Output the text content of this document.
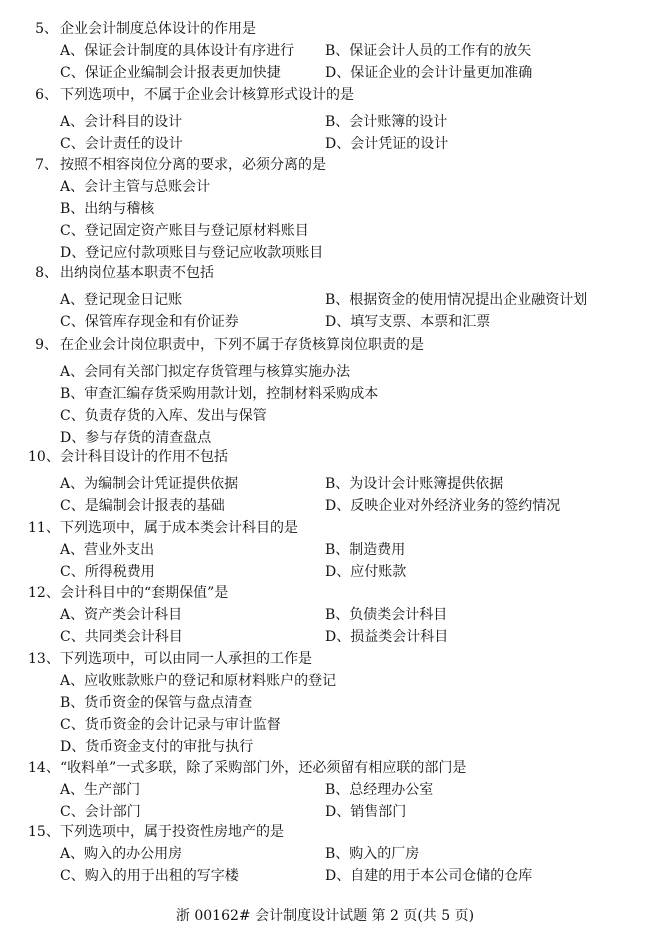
5、 企业会计制度总体设计的作用是
A、保证会计制度的具体设计有序进行 B、保证会计人员的工作有的放矢
C、保证企业编制会计报表更加快捷	D、保证企业的会计计量更加准确
6、 下列选项中，不属于企业会计核算形式设计的是
A、会计科目的设计	B、会计账簿的设计
C、会计责任的设计	D、会计凭证的设计
7、 按照不相容岗位分离的要求，必须分离的是
A、会计主管与总账会计
B、出纳与稽核
C、登记固定资产账目与登记原材料账目
D、登记应付款项账目与登记应收款项账目
8、 出纳岗位基本职责不包括
A、登记现金日记账	B、根据资金的使用情况提出企业融资计划
C、保管库存现金和有价证券	D、填写支票、本票和汇票
9、 在企业会计岗位职责中，下列不属于存货核算岗位职责的是
A、会同有关部门拟定存货管理与核算实施办法
B、审查汇编存货采购用款计划，控制材料采购成本
C、负责存货的入库、发出与保管
D、参与存货的清查盘点
10、 会计科目设计的作用不包括
A、为编制会计凭证提供依据	B、为设计会计账簿提供依据
C、是编制会计报表的基础	D、反映企业对外经济业务的签约情况
11、 下列选项中，属于成本类会计科目的是
A、营业外支出	B、制造费用
C、所得税费用	D、应付账款
12、 会计科目中的“套期保值”是
A、资产类会计科目	B、负债类会计科目
C、共同类会计科目	D、损益类会计科目
13、 下列选项中，可以由同一人承担的工作是
A、应收账款账户的登记和原材料账户的登记
B、货币资金的保管与盘点清查
C、货币资金的会计记录与审计监督
D、货币资金支付的审批与执行
14、 “收料单”一式多联，除了采购部门外，还必须留有相应联的部门是
A、生产部门	B、总经理办公室
C、会计部门	D、销售部门
15、 下列选项中，属于投资性房地产的是
A、购入的办公用房	B、购入的厂房
C、购入的用于出租的写字楼	D、自建的用于本公司仓储的仓库
浙 00162# 会计制度设计试题 第 2 页(共 5 页)
